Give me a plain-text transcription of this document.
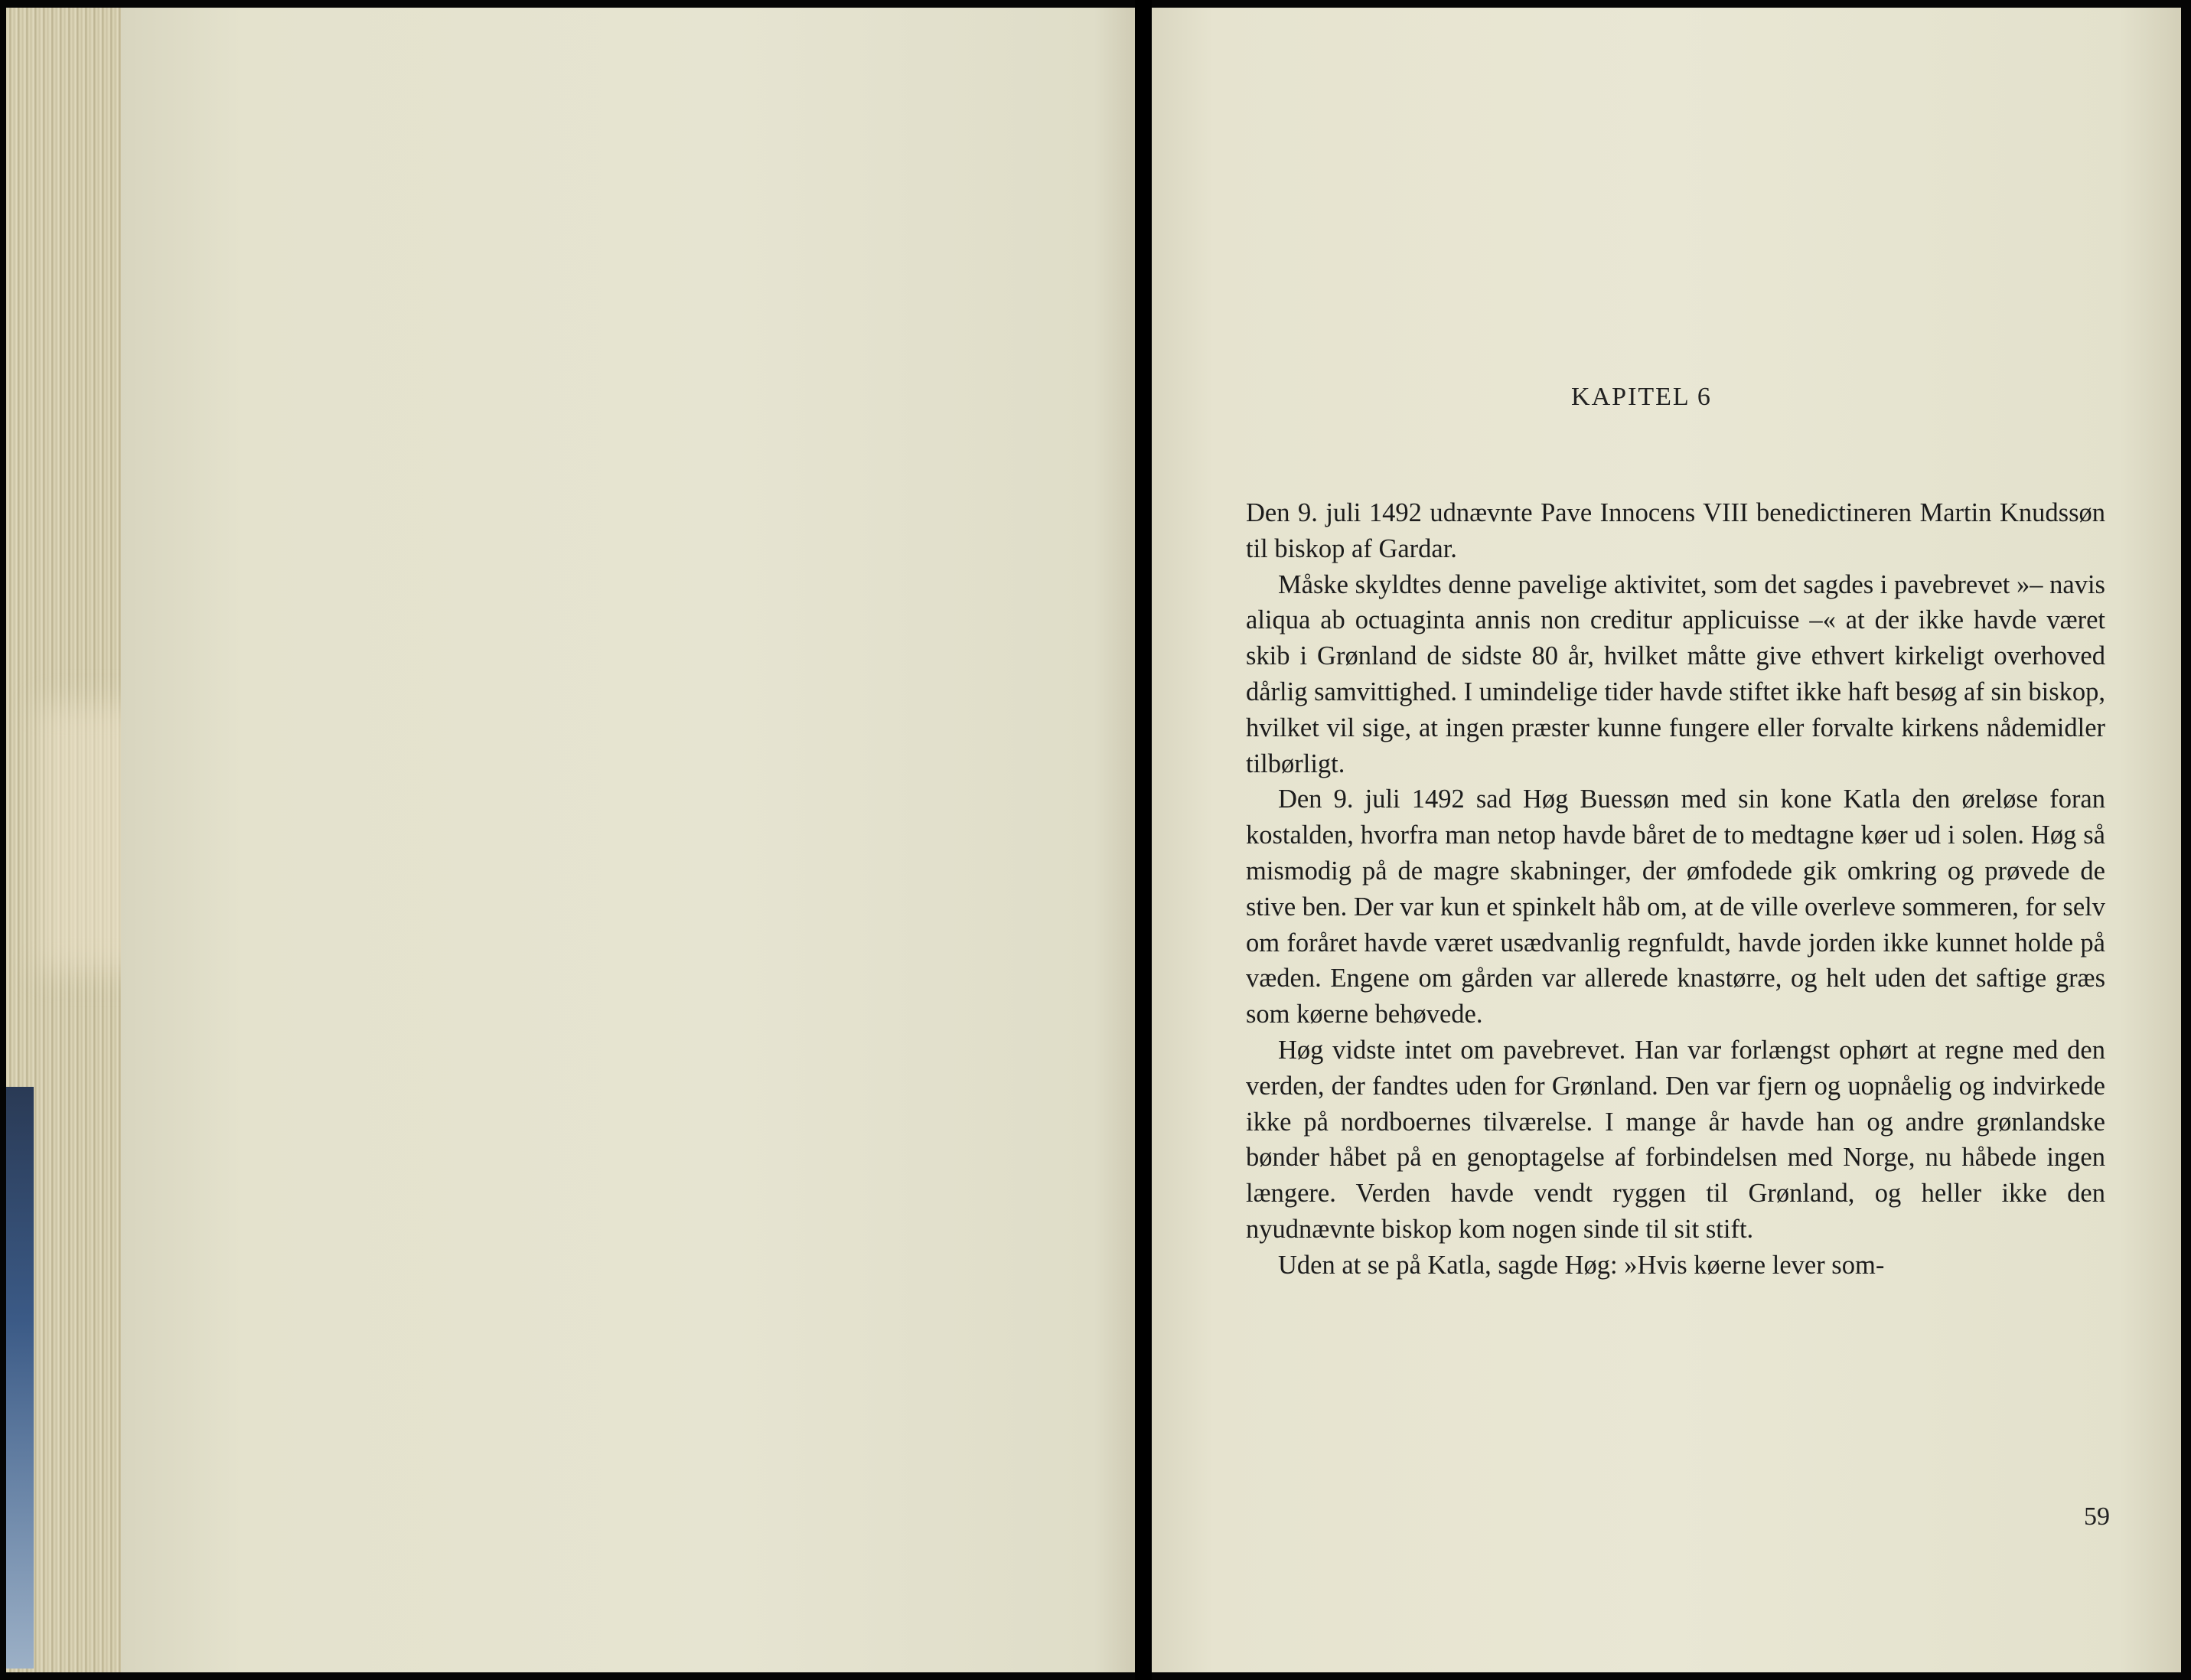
KAPITEL 6

Den 9. juli 1492 udnævnte Pave Innocens VIII benedictineren Martin Knudssøn til biskop af Gardar.

Måske skyldtes denne pavelige aktivitet, som det sagdes i pavebrevet »– navis aliqua ab octuaginta annis non creditur applicuisse –« at der ikke havde været skib i Grønland de sidste 80 år, hvilket måtte give ethvert kirkeligt overhoved dårlig samvittighed. I umindelige tider havde stiftet ikke haft besøg af sin biskop, hvilket vil sige, at ingen præster kunne fungere eller forvalte kirkens nådemidler tilbørligt.

Den 9. juli 1492 sad Høg Buessøn med sin kone Katla den øreløse foran kostalden, hvorfra man netop havde båret de to medtagne køer ud i solen. Høg så mismodig på de magre skabninger, der ømfodede gik omkring og prøvede de stive ben. Der var kun et spinkelt håb om, at de ville overleve sommeren, for selv om foråret havde været usædvanlig regnfuldt, havde jorden ikke kunnet holde på væden. Engene om gården var allerede knastørre, og helt uden det saftige græs som køerne behøvede.

Høg vidste intet om pavebrevet. Han var forlængst ophørt at regne med den verden, der fandtes uden for Grønland. Den var fjern og uopnåelig og indvirkede ikke på nordboernes tilværelse. I mange år havde han og andre grønlandske bønder håbet på en genoptagelse af forbindelsen med Norge, nu håbede ingen længere. Verden havde vendt ryggen til Grønland, og heller ikke den nyudnævnte biskop kom nogen sinde til sit stift.

Uden at se på Katla, sagde Høg: »Hvis køerne lever som-

59
